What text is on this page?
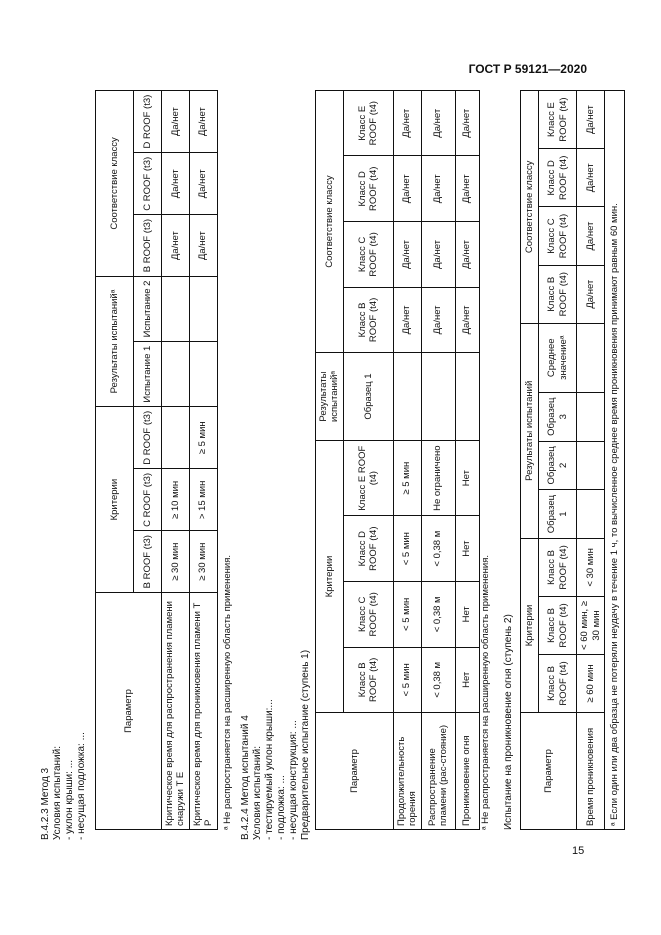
ГОСТ Р 59121—2020
15
В.4.2.3 Метод 3 Условия испытаний: - уклон крыши: ... - несущая подложка: ...
Параметр	Критерии			Результаты испытанийᵃ		Соответствие классу		
	B ROOF (t3)	C ROOF (t3)	D ROOF (t3)	Испытание 1	Испытание 2	B ROOF (t3)	C ROOF (t3)	D ROOF (t3)
Критическое время для распространения пламени снаружи T E	≥ 30 мин	≥ 10 мин				Да/нет	Да/нет	Да/нет
Критическое время для проникновения пламени T P	≥ 30 мин	> 15 мин	≥ 5 мин			Да/нет	Да/нет	Да/нет
ᵃ Не распространяется на расширенную область применения. В.4.2.4 Метод испытаний 4 Условия испытаний: - тестируемый уклон крыши:... - подложка: ... - несущая конструкция: ... Предварительное испытание (ступень 1)	Параметр	Критерии				Результаты испытанийᵃ	Соответствие классу			
	Класс B ROOF (t4)	Класс C ROOF (t4)	Класс D ROOF (t4)	Класс E ROOF (t4)	Образец 1	Класс B ROOF (t4)	Класс C ROOF (t4)	Класс D ROOF (t4)	Класс E ROOF (t4)
Продолжительность горения	< 5 мин	< 5 мин	< 5 мин	≥ 5 мин		Да/нет	Да/нет	Да/нет	Да/нет
Распространение пламени (рас-стояние)	< 0,38 м	< 0,38 м	< 0,38 м	Не ограничено		Да/нет	Да/нет	Да/нет	Да/нет
Проникновение огня	Нет	Нет	Нет	Нет		Да/нет	Да/нет	Да/нет	Да/нет
ᵃ Не распространяется на расширенную область применения. Испытание на проникновение огня (ступень 2)	Параметр	Критерии			Результаты испытаний				Соответствие классу			
	Класс B ROOF (t4)	Класс B ROOF (t4)	Класс B ROOF (t4)	Образец 1	Образец 2	Образец 3	Среднее значениеᵃ	Класс B ROOF (t4)	Класс C ROOF (t4)	Класс D ROOF (t4)	Класс E ROOF (t4)
Время проникновения	≥ 60 мин	< 60 мин, ≥ 30 мин	< 30 мин					Да/нет	Да/нет	Да/нет	Да/нет
ᵃ Если один или два образца не потеряли неудачу в течение 1 ч, то вычисленное среднее время проникновения принимают равным 60 мин.											
